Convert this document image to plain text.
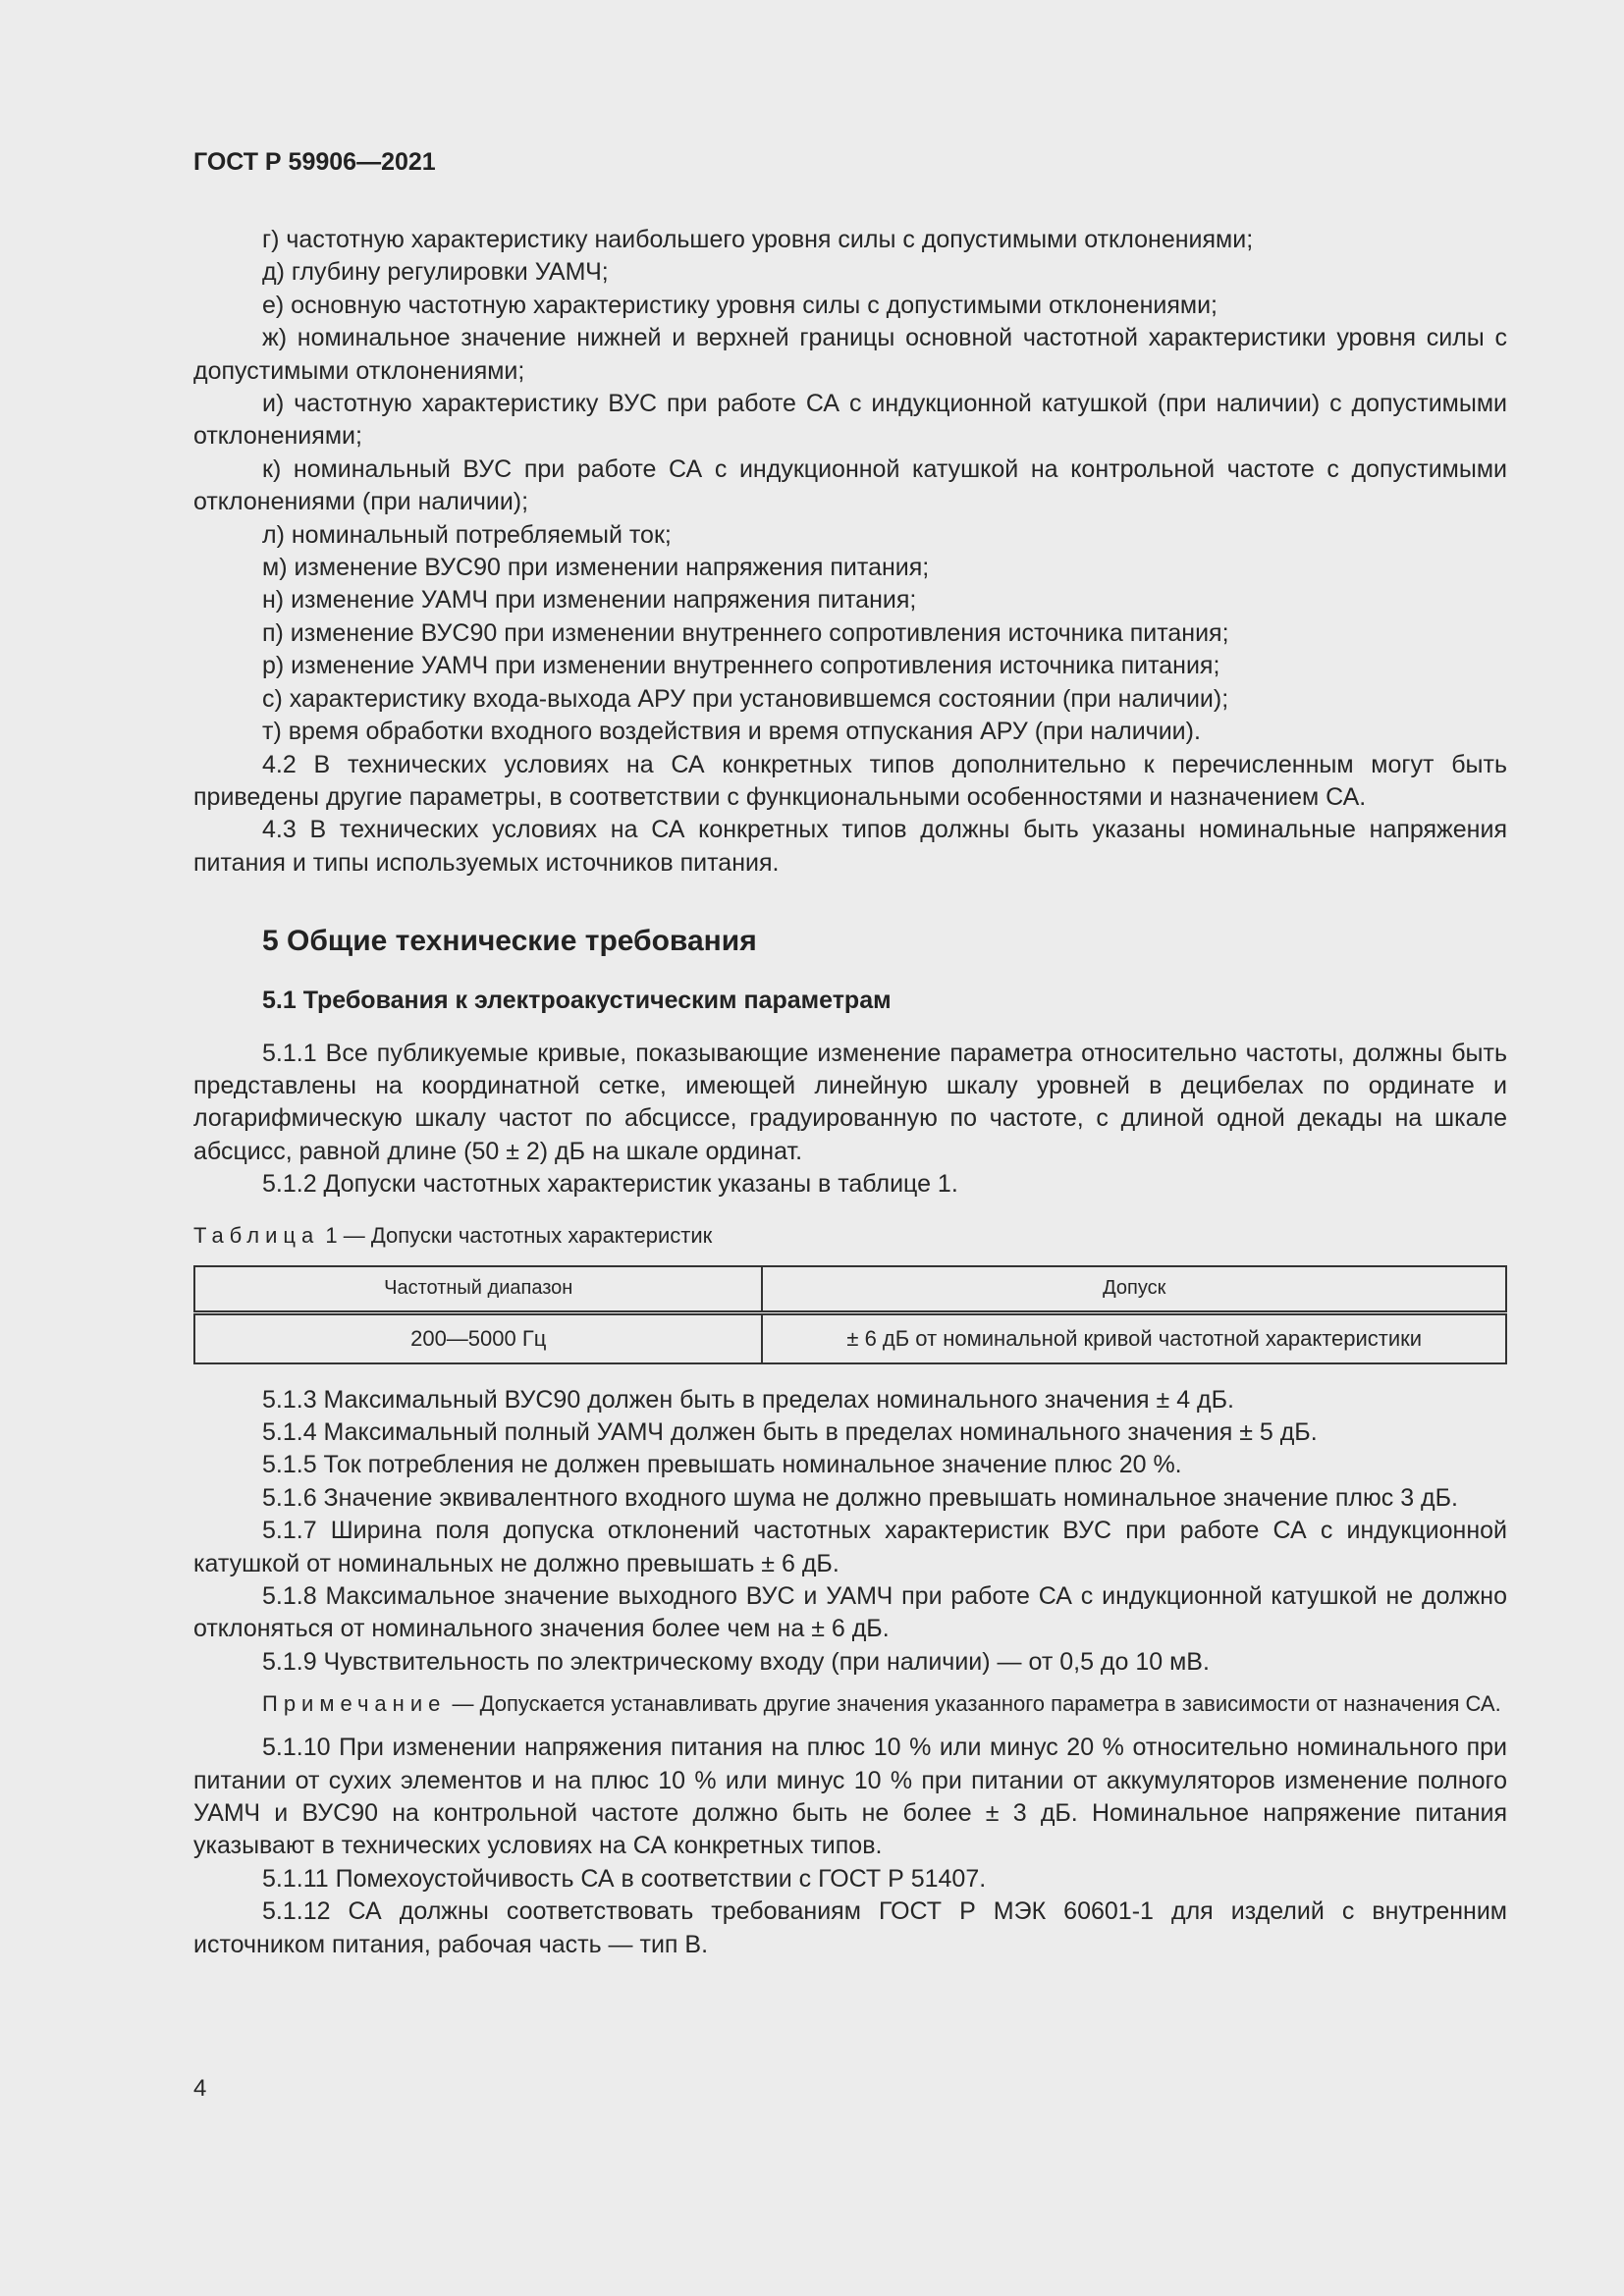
ГОСТ Р 59906—2021
г) частотную характеристику наибольшего уровня силы с допустимыми отклонениями;
д) глубину регулировки УАМЧ;
е) основную частотную характеристику уровня силы с допустимыми отклонениями;
ж) номинальное значение нижней и верхней границы основной частотной характеристики уровня силы с допустимыми отклонениями;
и) частотную характеристику ВУС при работе СА с индукционной катушкой (при наличии) с допустимыми отклонениями;
к) номинальный ВУС при работе СА с индукционной катушкой на контрольной частоте с допустимыми отклонениями (при наличии);
л) номинальный потребляемый ток;
м) изменение ВУС90 при изменении напряжения питания;
н) изменение УАМЧ при изменении напряжения питания;
п) изменение ВУС90 при изменении внутреннего сопротивления источника питания;
р) изменение УАМЧ при изменении внутреннего сопротивления источника питания;
с) характеристику входа-выхода АРУ при установившемся состоянии (при наличии);
т) время обработки входного воздействия и время отпускания АРУ (при наличии).
4.2 В технических условиях на СА конкретных типов дополнительно к перечисленным могут быть приведены другие параметры, в соответствии с функциональными особенностями и назначением СА.
4.3 В технических условиях на СА конкретных типов должны быть указаны номинальные напряжения питания и типы используемых источников питания.
5 Общие технические требования
5.1 Требования к электроакустическим параметрам
5.1.1 Все публикуемые кривые, показывающие изменение параметра относительно частоты, должны быть представлены на координатной сетке, имеющей линейную шкалу уровней в децибелах по ординате и логарифмическую шкалу частот по абсциссе, градуированную по частоте, с длиной одной декады на шкале абсцисс, равной длине (50 ± 2) дБ на шкале ординат.
5.1.2 Допуски частотных характеристик указаны в таблице 1.
Таблица 1 — Допуски частотных характеристик
Частотный диапазон	Допуск
200—5000 Гц	± 6 дБ от номинальной кривой частотной характеристики
5.1.3 Максимальный ВУС90 должен быть в пределах номинального значения ± 4 дБ.
5.1.4 Максимальный полный УАМЧ должен быть в пределах номинального значения ± 5 дБ.
5.1.5 Ток потребления не должен превышать номинальное значение плюс 20 %.
5.1.6 Значение эквивалентного входного шума не должно превышать номинальное значение плюс 3 дБ.
5.1.7 Ширина поля допуска отклонений частотных характеристик ВУС при работе СА с индукционной катушкой от номинальных не должно превышать ± 6 дБ.
5.1.8 Максимальное значение выходного ВУС и УАМЧ при работе СА с индукционной катушкой не должно отклоняться от номинального значения более чем на ± 6 дБ.
5.1.9 Чувствительность по электрическому входу (при наличии) — от 0,5 до 10 мВ.
Примечание — Допускается устанавливать другие значения указанного параметра в зависимости от назначения СА.
5.1.10 При изменении напряжения питания на плюс 10 % или минус 20 % относительно номинального при питании от сухих элементов и на плюс 10 % или минус 10 % при питании от аккумуляторов изменение полного УАМЧ и ВУС90 на контрольной частоте должно быть не более ± 3 дБ. Номинальное напряжение питания указывают в технических условиях на СА конкретных типов.
5.1.11 Помехоустойчивость СА в соответствии с ГОСТ Р 51407.
5.1.12 СА должны соответствовать требованиям ГОСТ Р МЭК 60601-1 для изделий с внутренним источником питания, рабочая часть — тип В.
4
